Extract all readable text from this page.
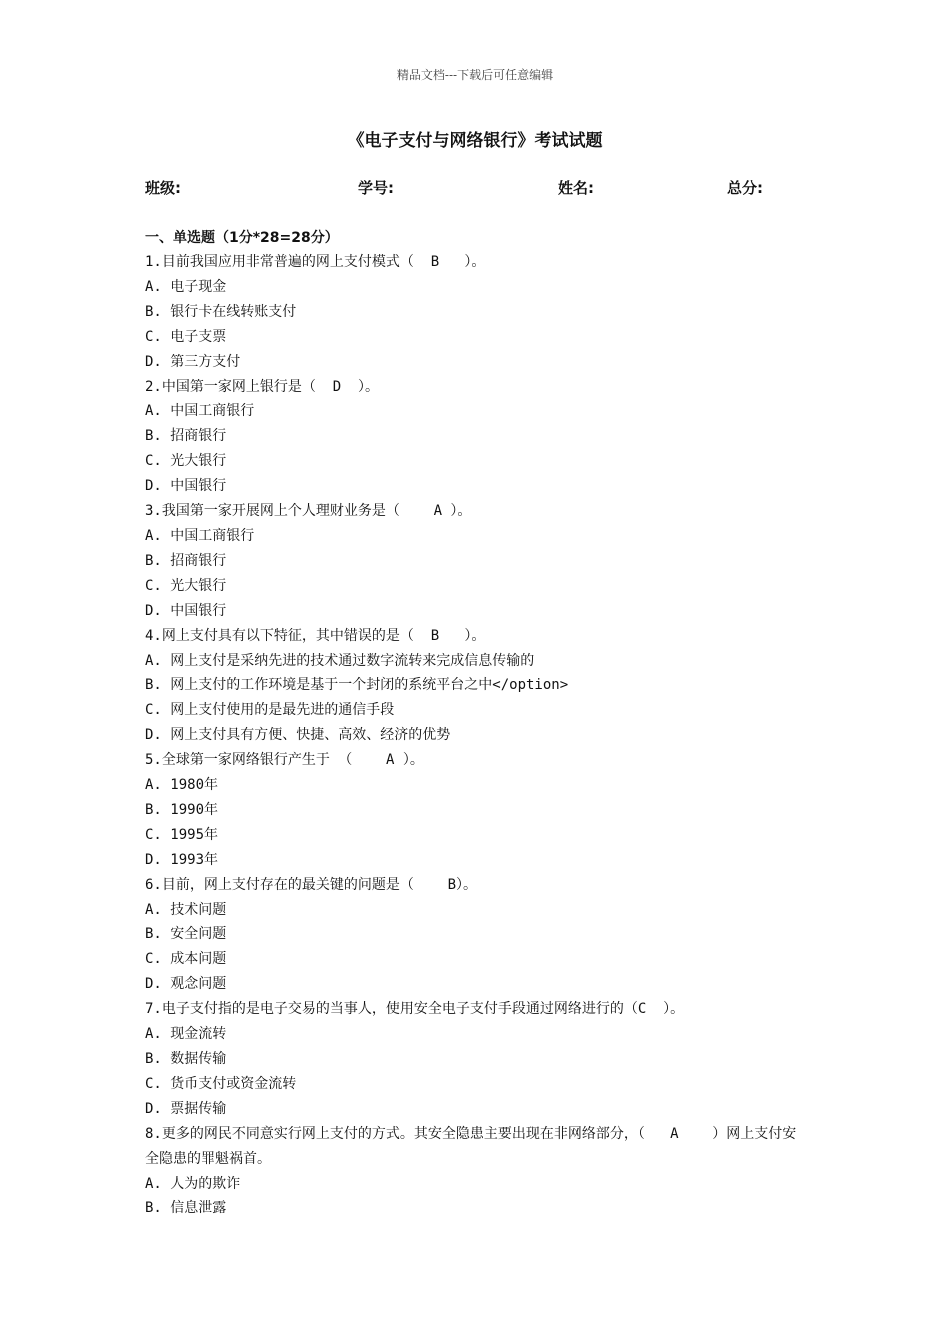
精品文档---下载后可任意编辑
《电子支付与网络银行》考试试题
班级:	学号:	姓名:	总分:
一、单选题（1分*28=28分）
1.目前我国应用非常普遍的网上支付模式（  B   ）。
A. 电子现金
B. 银行卡在线转账支付
C. 电子支票
D. 第三方支付
2.中国第一家网上银行是（  D  ）。
A. 中国工商银行
B. 招商银行
C. 光大银行
D. 中国银行
3.我国第一家开展网上个人理财业务是（    A ）。
A. 中国工商银行
B. 招商银行
C. 光大银行
D. 中国银行
4.网上支付具有以下特征，其中错误的是（  B   ）。
A. 网上支付是采纳先进的技术通过数字流转来完成信息传输的
B. 网上支付的工作环境是基于一个封闭的系统平台之中</option>
C. 网上支付使用的是最先进的通信手段
D. 网上支付具有方便、快捷、高效、经济的优势
5.全球第一家网络银行产生于 （    A ）。
A. 1980年
B. 1990年
C. 1995年
D. 1993年
6.目前，网上支付存在的最关键的问题是（    B）。
A. 技术问题
B. 安全问题
C. 成本问题
D. 观念问题
7.电子支付指的是电子交易的当事人，使用安全电子支付手段通过网络进行的（C  ）。
A. 现金流转
B. 数据传输
C. 货币支付或资金流转
D. 票据传输
8.更多的网民不同意实行网上支付的方式。其安全隐患主要出现在非网络部分，（   A    ）网上支付安全隐患的罪魁祸首。
A. 人为的欺诈
B. 信息泄露
